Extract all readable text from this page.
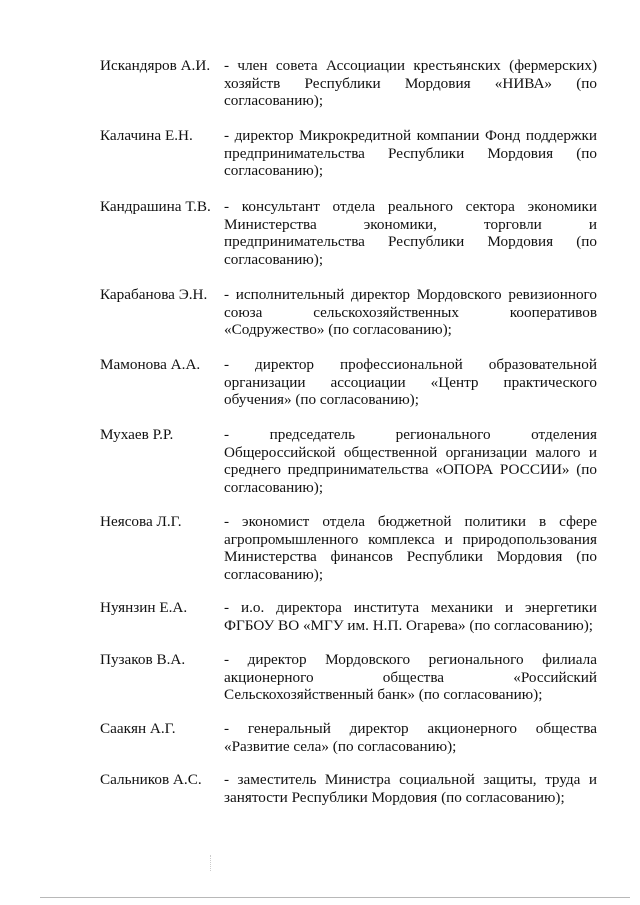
Искандяров А.И. - член совета Ассоциации крестьянских (фермерских) хозяйств Республики Мордовия «НИВА» (по согласованию);
Калачина Е.Н.	- директор Микрокредитной компании Фонд поддержки предпринимательства Республики Мордовия (по согласованию);
Кандрашина Т.В. - консультант отдела реального сектора экономики Министерства экономики, торговли и предпринимательства Республики Мордовия (по согласованию);
Карабанова Э.Н.	- исполнительный директор Мордовского ревизионного союза сельскохозяйственных кооперативов «Содружество» (по согласованию);
Мамонова А.А.	- директор профессиональной образовательной организации ассоциации «Центр практического обучения» (по согласованию);
Мухаев Р.Р.	- председатель регионального отделения Общероссийской общественной организации малого и среднего предпринимательства «ОПОРА РОССИИ» (по согласованию);
Неясова Л.Г.	- экономист отдела бюджетной политики в сфере агропромышленного комплекса и природопользования Министерства финансов Республики Мордовия (по согласованию);
Нуянзин Е.А.	- и.о. директора института механики и энергетики ФГБОУ ВО «МГУ им. Н.П. Огарева» (по согласованию);
Пузаков В.А.	- директор Мордовского регионального филиала акционерного общества «Российский Сельскохозяйственный банк» (по согласованию);
Саакян А.Г.	- генеральный директор акционерного общества «Развитие села» (по согласованию);
Сальников А.С.	- заместитель Министра социальной защиты, труда и занятости Республики Мордовия (по согласованию);
